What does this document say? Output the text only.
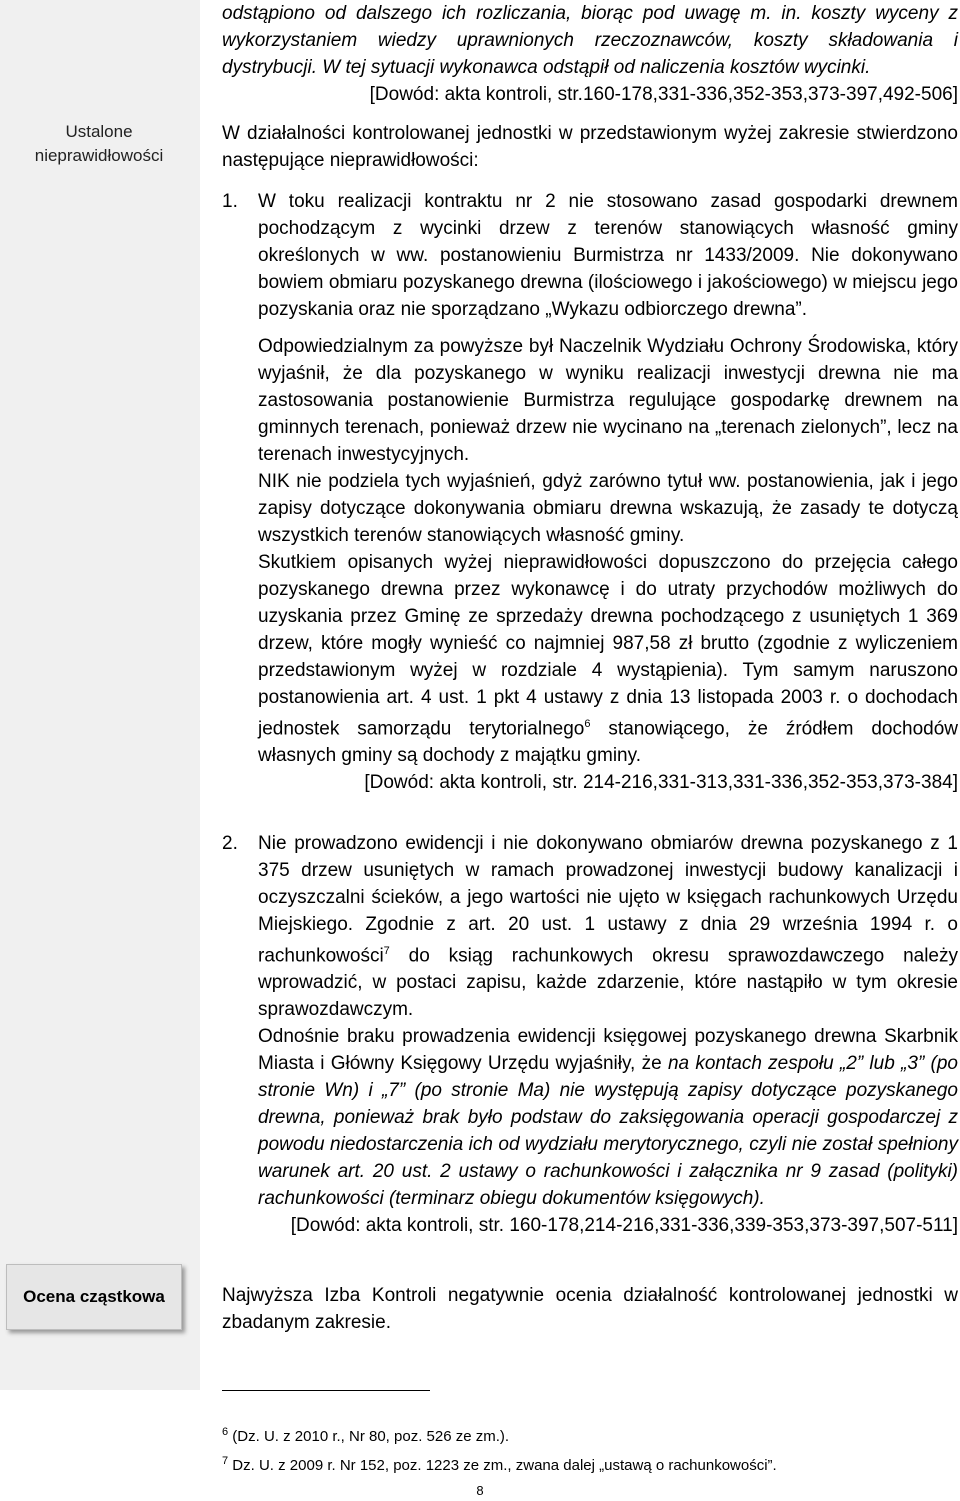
Ustalone nieprawidłowości
Ocena cząstkowa

odstąpiono od dalszego ich rozliczania, biorąc pod uwagę m. in. koszty wyceny z wykorzystaniem wiedzy uprawnionych rzeczoznawców, koszty składowania i dystrybucji. W tej sytuacji wykonawca odstąpił od naliczenia kosztów wycinki.

[Dowód: akta kontroli, str.160-178,331-336,352-353,373-397,492-506]

W działalności kontrolowanej jednostki w przedstawionym wyżej zakresie stwierdzono następujące nieprawidłowości:

1.	W toku realizacji kontraktu nr 2 nie stosowano zasad gospodarki drewnem pochodzącym z wycinki drzew z terenów stanowiących własność gminy określonych w ww. postanowieniu Burmistrza nr 1433/2009. Nie dokonywano bowiem obmiaru pozyskanego drewna (ilościowego i jakościowego) w miejscu jego pozyskania oraz nie sporządzano „Wykazu odbiorczego drewna”.

Odpowiedzialnym za powyższe był Naczelnik Wydziału Ochrony Środowiska, który wyjaśnił, że dla pozyskanego w wyniku realizacji inwestycji drewna nie ma zastosowania postanowienie Burmistrza regulujące gospodarkę drewnem na gminnych terenach, ponieważ drzew nie wycinano na „terenach zielonych”, lecz na terenach inwestycyjnych.

NIK nie podziela tych wyjaśnień, gdyż zarówno tytuł ww. postanowienia, jak i jego zapisy dotyczące dokonywania obmiaru drewna wskazują, że zasady te dotyczą wszystkich terenów stanowiących własność gminy.

Skutkiem opisanych wyżej nieprawidłowości dopuszczono do przejęcia całego pozyskanego drewna przez wykonawcę i do utraty przychodów możliwych do uzyskania przez Gminę ze sprzedaży drewna pochodzącego z usuniętych 1 369 drzew, które mogły wynieść co najmniej 987,58 zł brutto (zgodnie z wyliczeniem przedstawionym wyżej w rozdziale 4 wystąpienia). Tym samym naruszono postanowienia art. 4 ust. 1 pkt 4 ustawy z dnia 13 listopada 2003 r. o dochodach jednostek samorządu terytorialnego$^6$ stanowiącego, że źródłem dochodów własnych gminy są dochody z majątku gminy.

[Dowód: akta kontroli, str. 214-216,331-313,331-336,352-353,373-384]

2.	Nie prowadzono ewidencji i nie dokonywano obmiarów drewna pozyskanego z 1 375 drzew usuniętych w ramach prowadzonej inwestycji budowy kanalizacji i oczyszczalni ścieków, a jego wartości nie ujęto w księgach rachunkowych Urzędu Miejskiego. Zgodnie z art. 20 ust. 1 ustawy z dnia 29 września 1994 r. o rachunkowości$^7$ do ksiąg rachunkowych okresu sprawozdawczego należy wprowadzić, w postaci zapisu, każde zdarzenie, które nastąpiło w tym okresie sprawozdawczym.

Odnośnie braku prowadzenia ewidencji księgowej pozyskanego drewna Skarbnik Miasta i Główny Księgowy Urzędu wyjaśniły, że na kontach zespołu „2” lub „3” (po stronie Wn) i „7” (po stronie Ma) nie występują zapisy dotyczące pozyskanego drewna, ponieważ brak było podstaw do zaksięgowania operacji gospodarczej z powodu niedostarczenia ich od wydziału merytorycznego, czyli nie został spełniony warunek art. 20 ust. 2 ustawy o rachunkowości i załącznika nr 9 zasad (polityki) rachunkowości (terminarz obiegu dokumentów księgowych).

[Dowód: akta kontroli, str. 160-178,214-216,331-336,339-353,373-397,507-511]

Najwyższa Izba Kontroli negatywnie ocenia działalność kontrolowanej jednostki w zbadanym zakresie.

$^6$ (Dz. U. z 2010 r., Nr 80, poz. 526 ze zm.).
$^7$ Dz. U. z 2009 r. Nr 152, poz. 1223 ze zm., zwana dalej „ustawą o rachunkowości”.
8
